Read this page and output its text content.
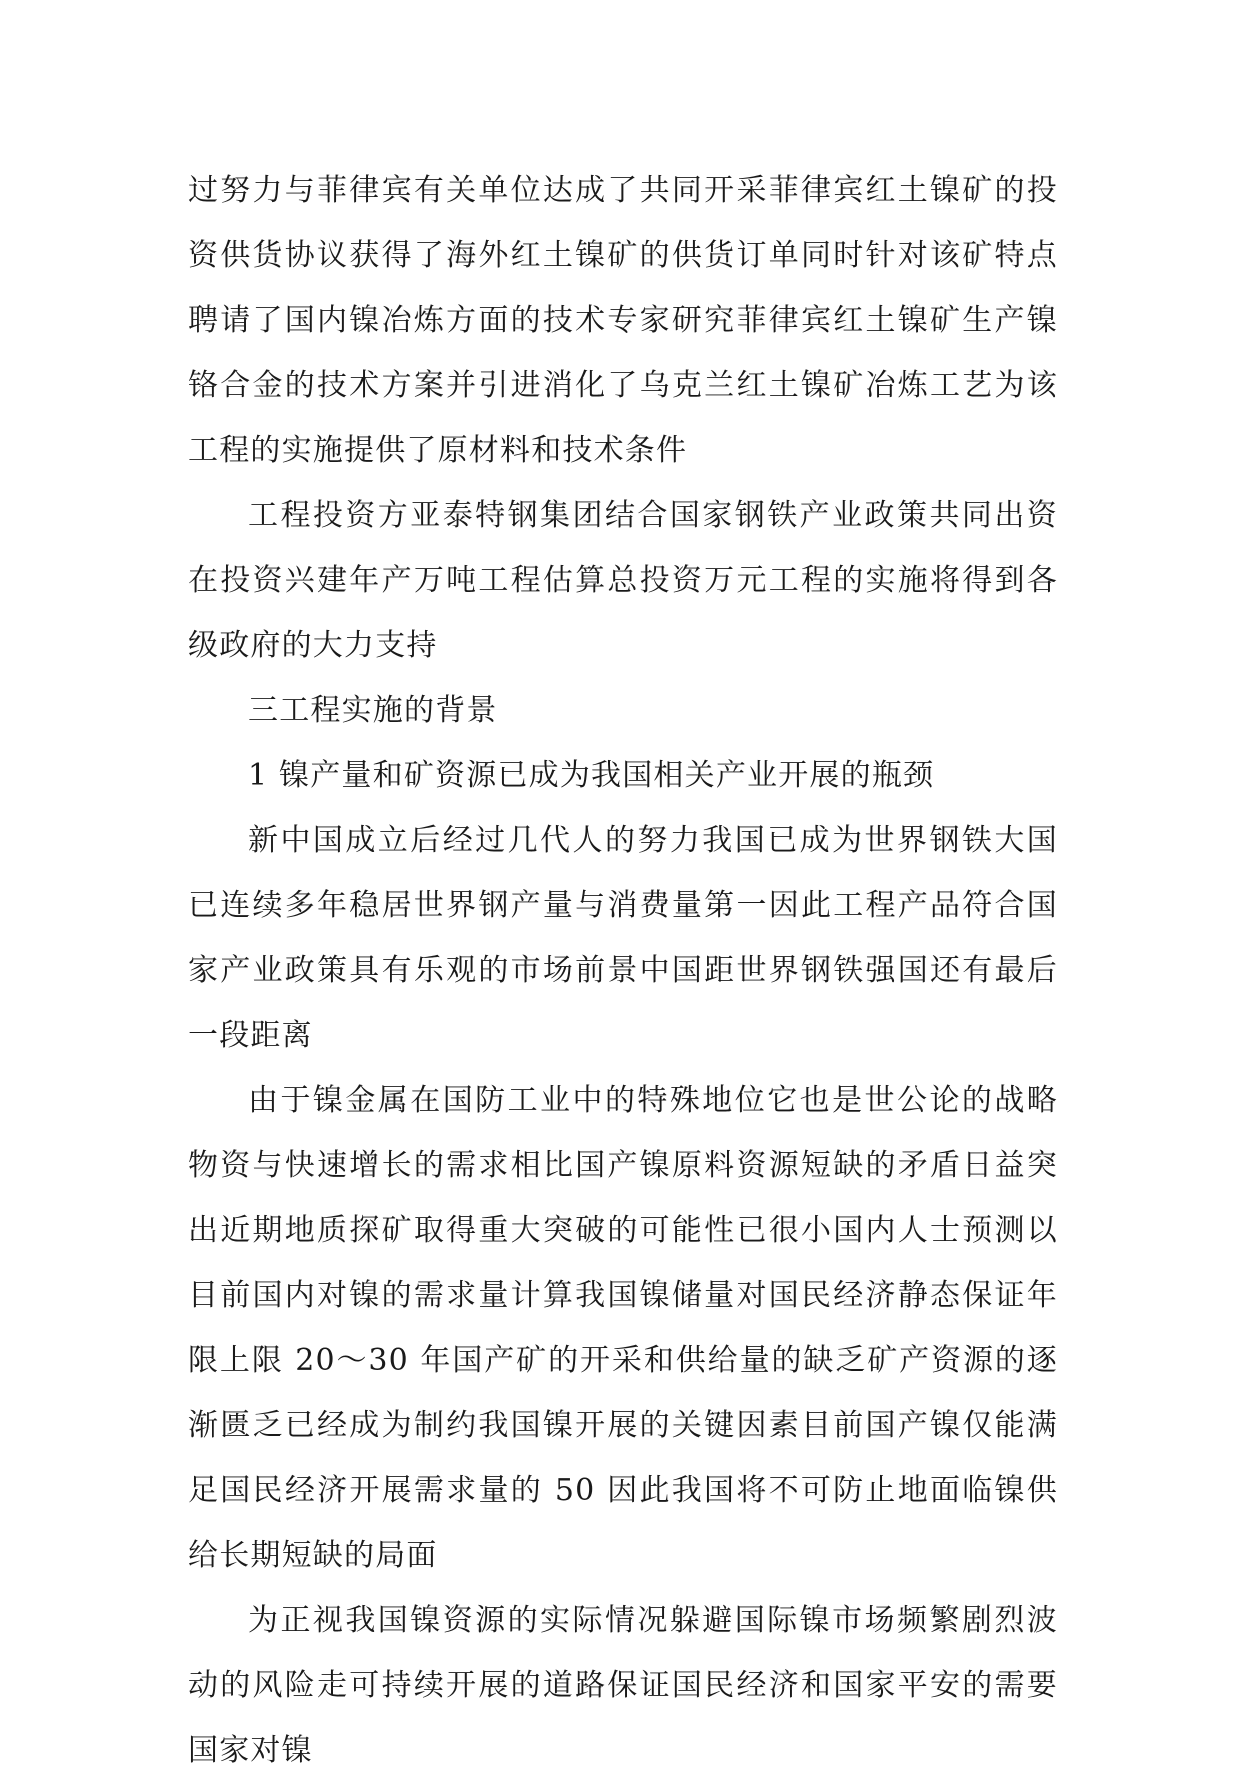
过努力与菲律宾有关单位达成了共同开采菲律宾红土镍矿的投资供货协议获得了海外红土镍矿的供货订单同时针对该矿特点聘请了国内镍冶炼方面的技术专家研究菲律宾红土镍矿生产镍铬合金的技术方案并引进消化了乌克兰红土镍矿冶炼工艺为该工程的实施提供了原材料和技术条件

工程投资方亚泰特钢集团结合国家钢铁产业政策共同出资在投资兴建年产万吨工程估算总投资万元工程的实施将得到各级政府的大力支持

三工程实施的背景

1 镍产量和矿资源已成为我国相关产业开展的瓶颈

新中国成立后经过几代人的努力我国已成为世界钢铁大国已连续多年稳居世界钢产量与消费量第一因此工程产品符合国家产业政策具有乐观的市场前景中国距世界钢铁强国还有最后一段距离

由于镍金属在国防工业中的特殊地位它也是世公论的战略物资与快速增长的需求相比国产镍原料资源短缺的矛盾日益突出近期地质探矿取得重大突破的可能性已很小国内人士预测以目前国内对镍的需求量计算我国镍储量对国民经济静态保证年限上限 20～30 年国产矿的开采和供给量的缺乏矿产资源的逐渐匮乏已经成为制约我国镍开展的关键因素目前国产镍仅能满足国民经济开展需求量的 50 因此我国将不可防止地面临镍供给长期短缺的局面

为正视我国镍资源的实际情况躲避国际镍市场频繁剧烈波动的风险走可持续开展的道路保证国民经济和国家平安的需要国家对镍
